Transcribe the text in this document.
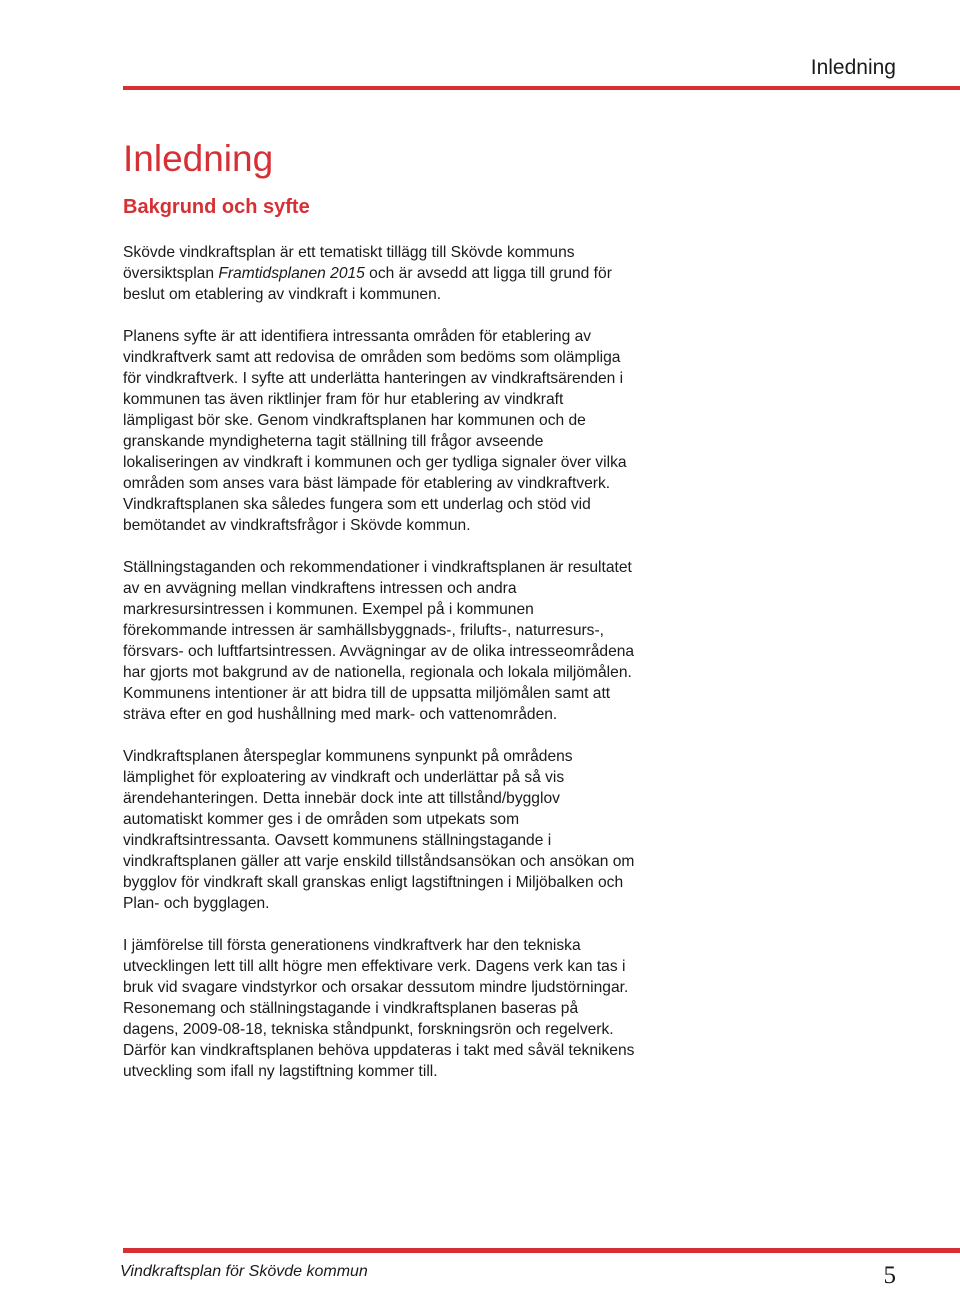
Inledning
Inledning
Bakgrund och syfte

Skövde vindkraftsplan är ett tematiskt tillägg till Skövde kommuns översiktsplan Framtidsplanen 2015 och är avsedd att ligga till grund för beslut om etablering av vindkraft i kommunen.

Planens syfte är att identifiera intressanta områden för etablering av vindkraftverk samt att redovisa de områden som bedöms som olämpliga för vindkraftverk. I syfte att underlätta hanteringen av vindkraftsärenden i kommunen tas även riktlinjer fram för hur etablering av vindkraft lämpligast bör ske. Genom vindkraftsplanen har kommunen och de granskande myndigheterna tagit ställning till frågor avseende lokaliseringen av vindkraft i kommunen och ger tydliga signaler över vilka områden som anses vara bäst lämpade för etablering av vindkraftverk. Vindkraftsplanen ska således fungera som ett underlag och stöd vid bemötandet av vindkraftsfrågor i Skövde kommun.

Ställningstaganden och rekommendationer i vindkraftsplanen är resultatet av en avvägning mellan vindkraftens intressen och andra markresursintressen i kommunen. Exempel på i kommunen förekommande intressen är samhällsbyggnads-, frilufts-, naturresurs-, försvars- och luftfartsintressen. Avvägningar av de olika intresseområdena har gjorts mot bakgrund av de nationella, regionala och lokala miljömålen. Kommunens intentioner är att bidra till de uppsatta miljömålen samt att sträva efter en god hushållning med mark- och vattenområden.

Vindkraftsplanen återspeglar kommunens synpunkt på områdens lämplighet för exploatering av vindkraft och underlättar på så vis ärendehanteringen. Detta innebär dock inte att tillstånd/bygglov automatiskt kommer ges i de områden som utpekats som vindkraftsintressanta. Oavsett kommunens ställningstagande i vindkraftsplanen gäller att varje enskild tillståndsansökan och ansökan om bygglov för vindkraft skall granskas enligt lagstiftningen i Miljöbalken och Plan- och bygglagen.

I jämförelse till första generationens vindkraftverk har den tekniska utvecklingen lett till allt högre men effektivare verk. Dagens verk kan tas i bruk vid svagare vindstyrkor och orsakar dessutom mindre ljudstörningar. Resonemang och ställningstagande i vindkraftsplanen baseras på dagens, 2009-08-18, tekniska ståndpunkt, forskningsrön och regelverk. Därför kan vindkraftsplanen behöva uppdateras i takt med såväl teknikens utveckling som ifall ny lagstiftning kommer till.

Vindkraftsplan för Skövde kommun	5
